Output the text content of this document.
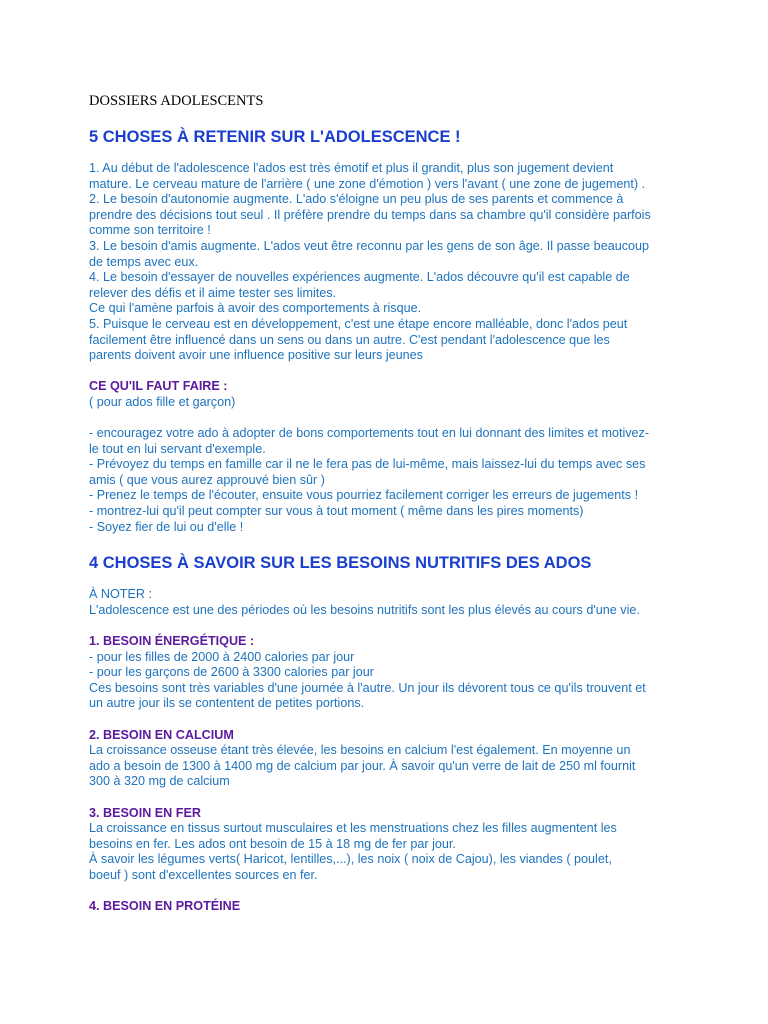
DOSSIERS ADOLESCENTS

5 CHOSES À RETENIR SUR L'ADOLESCENCE !

1. Au début de l'adolescence l'ados est très émotif et plus il grandit, plus son jugement devient
mature. Le cerveau mature de l'arrière ( une zone d'émotion ) vers l'avant ( une zone de jugement) .
2. Le besoin d'autonomie augmente. L'ado s'éloigne un peu plus de ses parents et commence à
prendre des décisions tout seul . Il préfère prendre du temps dans sa chambre qu'il considère parfois
comme son territoire !
3. Le besoin d'amis augmente. L'ados veut être reconnu par les gens de son âge. Il passe beaucoup
de temps avec eux.
4. Le besoin d'essayer de nouvelles expériences augmente. L'ados découvre qu'il est capable de
relever des défis et il aime tester ses limites.
Ce qui l'amène parfois à avoir des comportements à risque.
5. Puisque le cerveau est en développement, c'est une étape encore malléable, donc l'ados peut
facilement être influencé dans un sens ou dans un autre. C'est pendant l'adolescence que les
parents doivent avoir une influence positive sur leurs jeunes

CE QU'IL FAUT FAIRE :

( pour ados fille et garçon)

- encouragez votre ado à adopter de bons comportements tout en lui donnant des limites et motivez-
le tout en lui servant d'exemple.
- Prévoyez du temps en famille car il ne le fera pas de lui-même, mais laissez-lui du temps avec ses
amis ( que vous aurez approuvé bien sûr )
- Prenez le temps de l'écouter, ensuite vous pourriez facilement corriger les erreurs de jugements !
- montrez-lui qu'il peut compter sur vous à tout moment ( même dans les pires moments)
- Soyez fier de lui ou d'elle !

4 CHOSES À SAVOIR SUR LES BESOINS NUTRITIFS DES ADOS

À NOTER :
L'adolescence est une des périodes où les besoins nutritifs sont les plus élevés au cours d'une vie.

1. BESOIN ÉNERGÉTIQUE :

- pour les filles de 2000 à 2400 calories par jour
- pour les garçons de 2600 à 3300 calories par jour
Ces besoins sont très variables d'une journée à l'autre. Un jour ils dévorent tous ce qu'ils trouvent et
un autre jour ils se contentent de petites portions.

2. BESOIN EN CALCIUM

La croissance osseuse étant très élevée, les besoins en calcium l'est également. En moyenne un
ado a besoin de 1300 à 1400 mg de calcium par jour. À savoir qu'un verre de lait de 250 ml fournit
300 à 320 mg de calcium

3. BESOIN EN FER

La croissance en tissus surtout musculaires et les menstruations chez les filles augmentent les
besoins en fer. Les ados ont besoin de 15 à 18 mg de fer par jour.
À savoir les légumes verts( Haricot, lentilles,...), les noix ( noix de Cajou), les viandes ( poulet,
boeuf ) sont d'excellentes sources en fer.

4. BESOIN EN PROTÉINE
